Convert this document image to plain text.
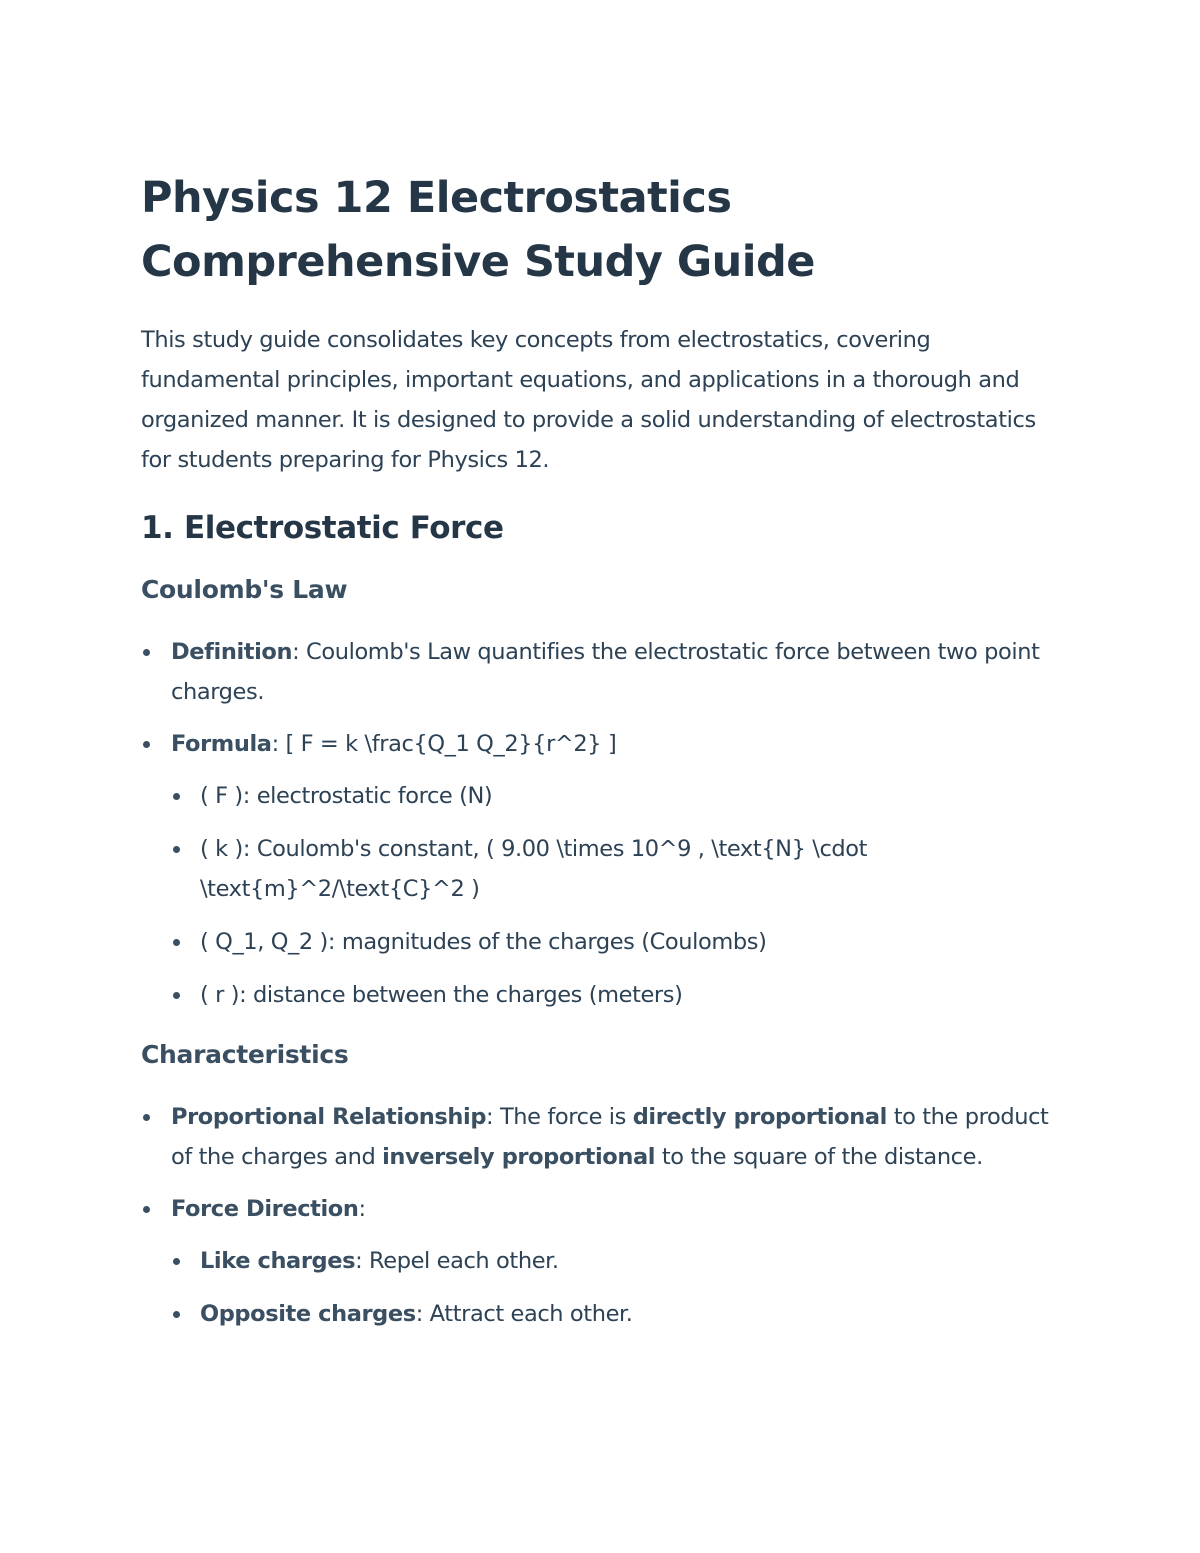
Physics 12 Electrostatics
Comprehensive Study Guide

This study guide consolidates key concepts from electrostatics, covering fundamental principles, important equations, and applications in a thorough and organized manner. It is designed to provide a solid understanding of electrostatics for students preparing for Physics 12.

1. Electrostatic Force
Coulomb's Law
Definition: Coulomb's Law quantifies the electrostatic force between two point charges.
Formula: [ F = k \frac{Q_1 Q_2}{r^2} ]
( F ): electrostatic force (N)
( k ): Coulomb's constant, ( 9.00 \times 10^9 , \text{N} \cdot \text{m}^2/\text{C}^2 )
( Q_1, Q_2 ): magnitudes of the charges (Coulombs)
( r ): distance between the charges (meters)
Characteristics
Proportional Relationship: The force is directly proportional to the product of the charges and inversely proportional to the square of the distance.
Force Direction:
Like charges: Repel each other.
Opposite charges: Attract each other.
